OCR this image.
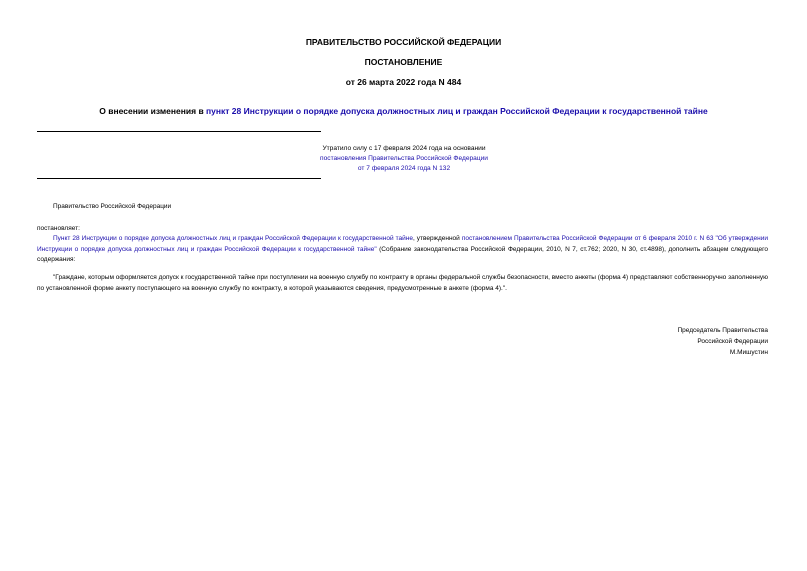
ПРАВИТЕЛЬСТВО РОССИЙСКОЙ ФЕДЕРАЦИИ
ПОСТАНОВЛЕНИЕ
от 26 марта 2022 года N 484
О внесении изменения в пункт 28 Инструкции о порядке допуска должностных лиц и граждан Российской Федерации к государственной тайне
Утратило силу с 17 февраля 2024 года на основании
постановления Правительства Российской Федерации
от 7 февраля 2024 года N 132
Правительство Российской Федерации
постановляет:
Пункт 28 Инструкции о порядке допуска должностных лиц и граждан Российской Федерации к государственной тайне, утвержденной постановлением Правительства Российской Федерации от 6 февраля 2010 г. N 63 "Об утверждении Инструкции о порядке допуска должностных лиц и граждан Российской Федерации к государственной тайне" (Собрание законодательства Российской Федерации, 2010, N 7, ст.762; 2020, N 30, ст.4898), дополнить абзацем следующего содержания:
"Граждане, которым оформляется допуск к государственной тайне при поступлении на военную службу по контракту в органы федеральной службы безопасности, вместо анкеты (форма 4) представляют собственноручно заполненную по установленной форме анкету поступающего на военную службу по контракту, в которой указываются сведения, предусмотренные в анкете (форма 4).".
Председатель Правительства
Российской Федерации
М.Мишустин
